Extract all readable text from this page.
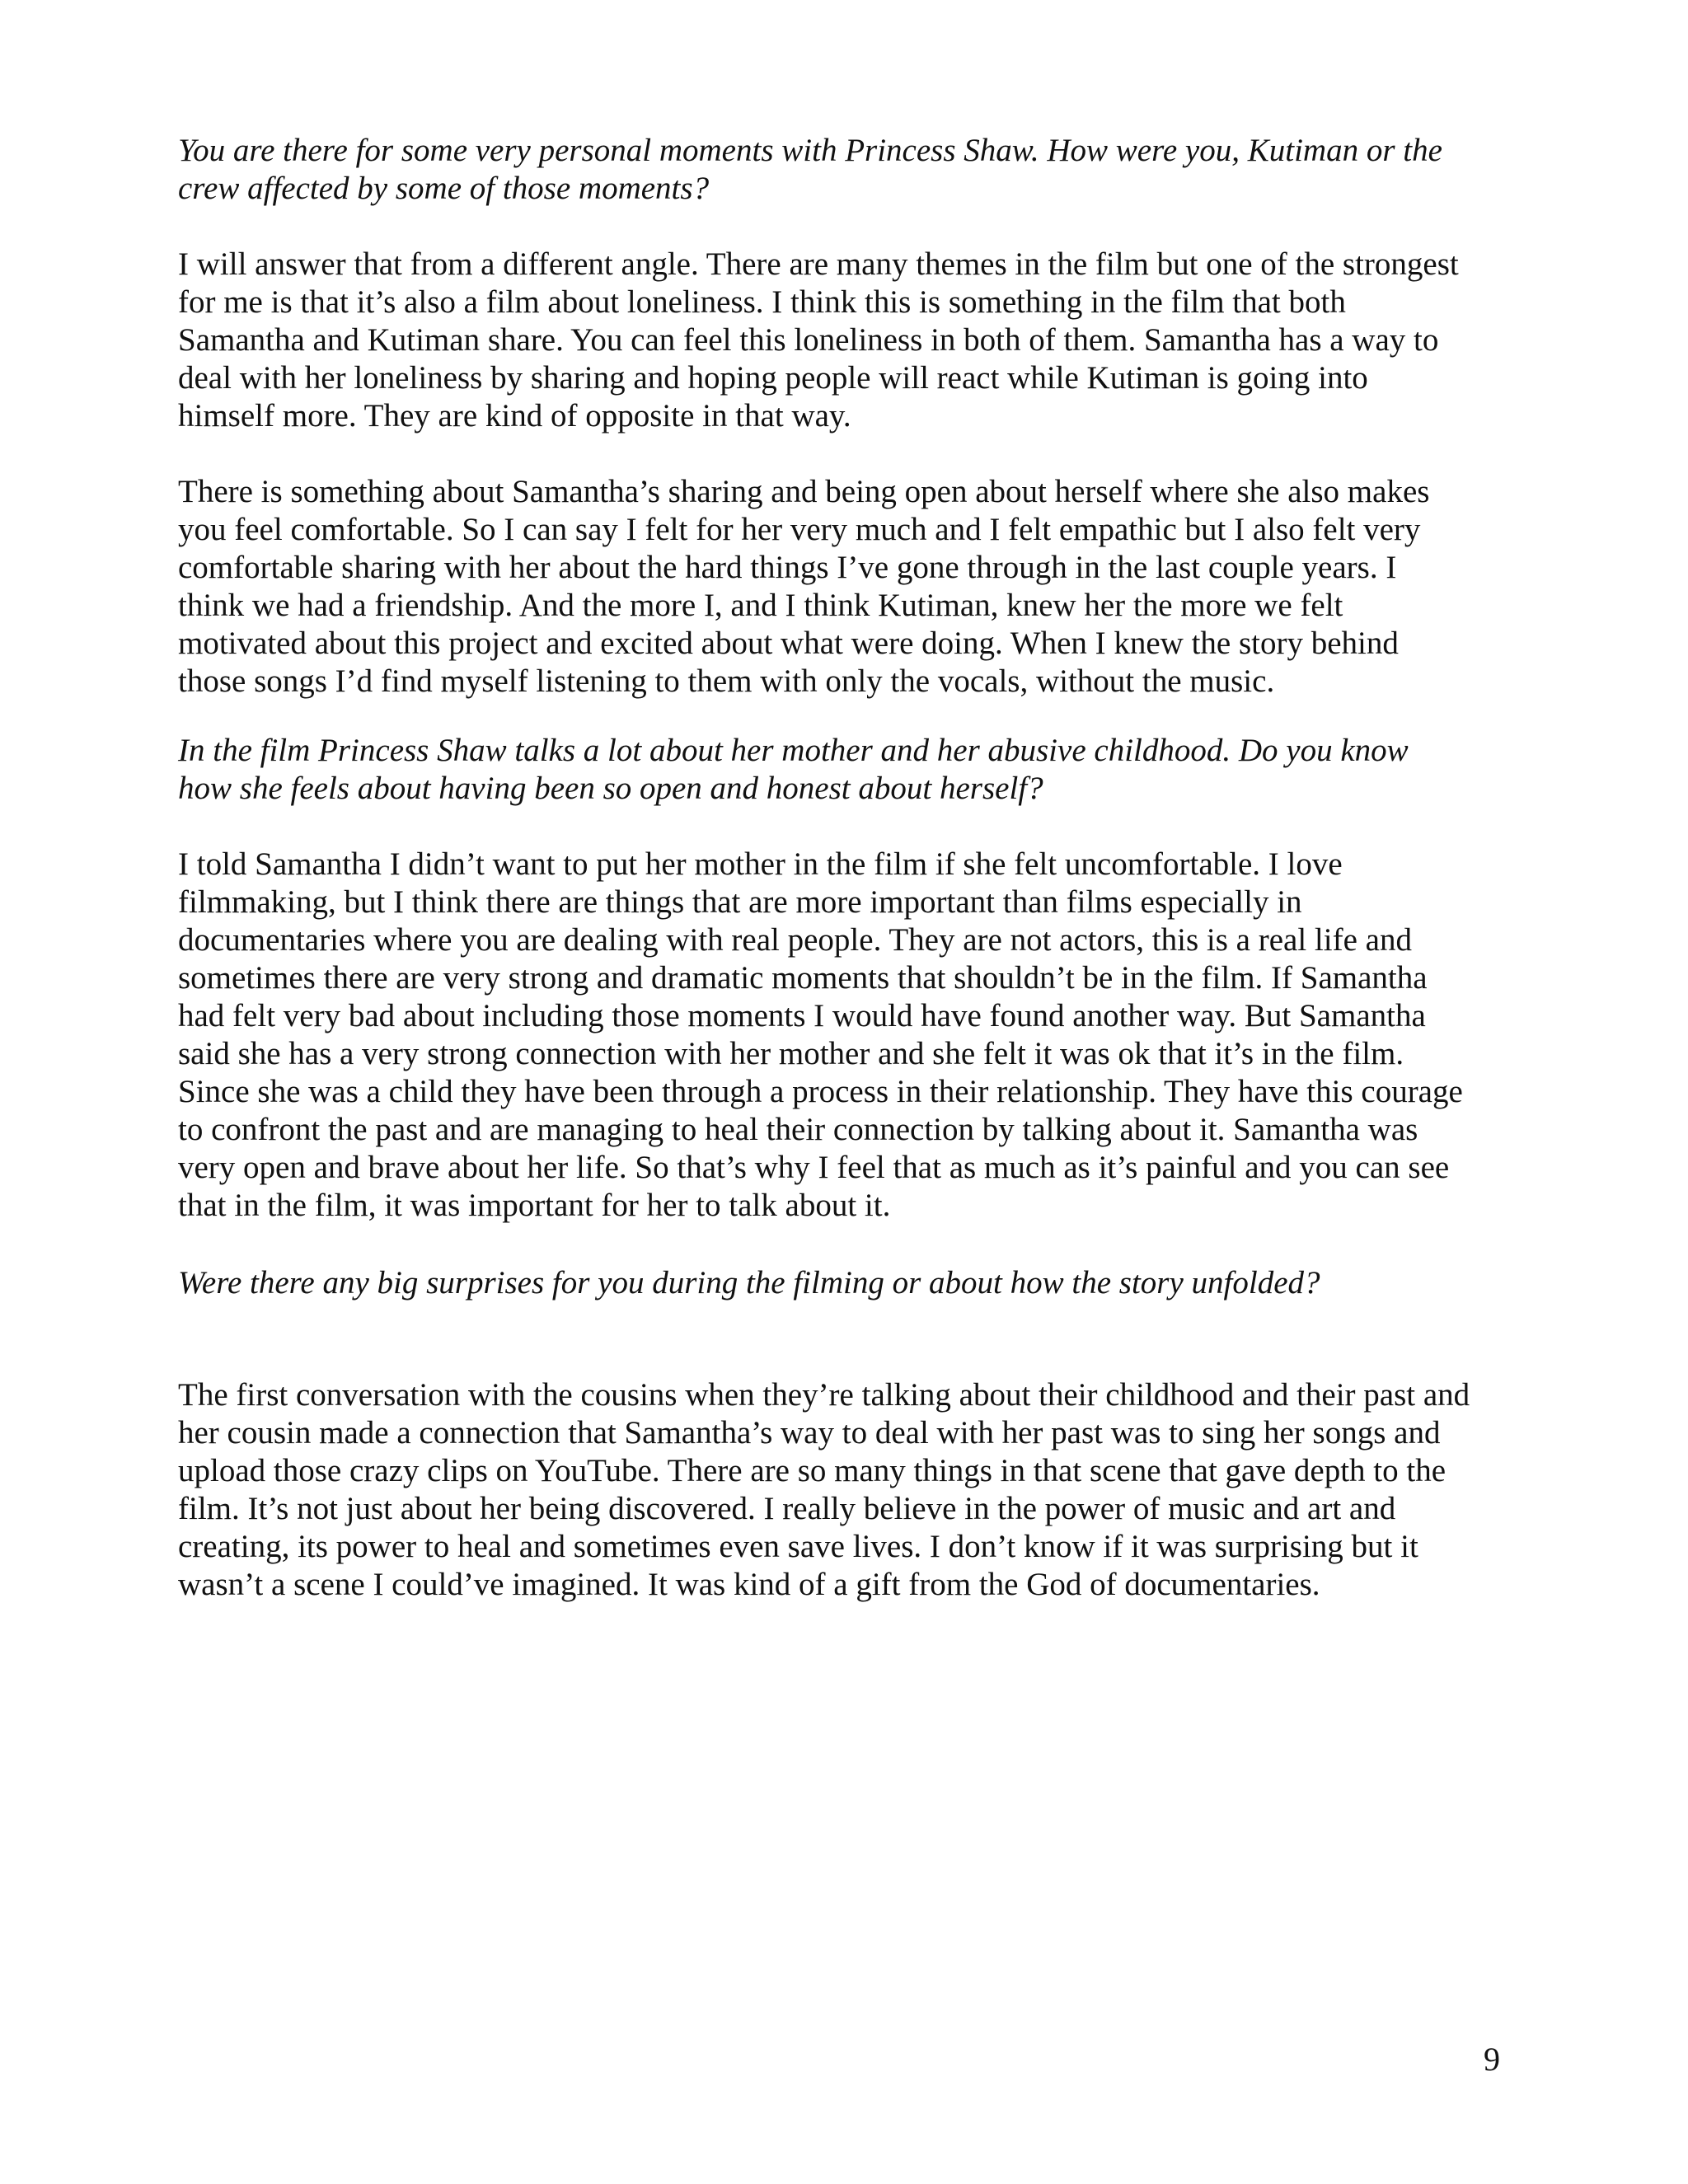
You are there for some very personal moments with Princess Shaw. How were you, Kutiman or the
crew affected by some of those moments?

I will answer that from a different angle. There are many themes in the film but one of the strongest
for me is that it’s also a film about loneliness. I think this is something in the film that both
Samantha and Kutiman share. You can feel this loneliness in both of them. Samantha has a way to
deal with her loneliness by sharing and hoping people will react while Kutiman is going into
himself more. They are kind of opposite in that way.

There is something about Samantha’s sharing and being open about herself where she also makes
you feel comfortable. So I can say I felt for her very much and I felt empathic but I also felt very
comfortable sharing with her about the hard things I’ve gone through in the last couple years. I
think we had a friendship. And the more I, and I think Kutiman, knew her the more we felt
motivated about this project and excited about what were doing. When I knew the story behind
those songs I’d find myself listening to them with only the vocals, without the music.

In the film Princess Shaw talks a lot about her mother and her abusive childhood. Do you know
how she feels about having been so open and honest about herself?

I told Samantha I didn’t want to put her mother in the film if she felt uncomfortable. I love
filmmaking, but I think there are things that are more important than films especially in
documentaries where you are dealing with real people. They are not actors, this is a real life and
sometimes there are very strong and dramatic moments that shouldn’t be in the film. If Samantha
had felt very bad about including those moments I would have found another way. But Samantha
said she has a very strong connection with her mother and she felt it was ok that it’s in the film.
Since she was a child they have been through a process in their relationship. They have this courage
to confront the past and are managing to heal their connection by talking about it. Samantha was
very open and brave about her life. So that’s why I feel that as much as it’s painful and you can see
that in the film, it was important for her to talk about it.

Were there any big surprises for you during the filming or about how the story unfolded?

The first conversation with the cousins when they’re talking about their childhood and their past and
her cousin made a connection that Samantha’s way to deal with her past was to sing her songs and
upload those crazy clips on YouTube. There are so many things in that scene that gave depth to the
film. It’s not just about her being discovered. I really believe in the power of music and art and
creating, its power to heal and sometimes even save lives. I don’t know if it was surprising but it
wasn’t a scene I could’ve imagined. It was kind of a gift from the God of documentaries.

9
